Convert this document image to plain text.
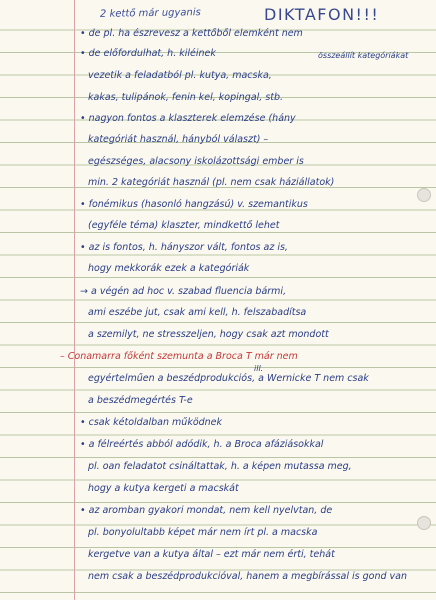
2 kettő már ugyanis	DIKTAFON!!!
• de pl. ha észrevesz a kettőből elemként nem
• de előfordulhat, h. kiléinek	összeállít kategóriákat
vezetik a feladatból pl. kutya, macska,
kakas, tulipánok, fenin kel, kopingal, stb.
• nagyon fontos a klaszterek elemzése (hány
kategóriát használ, hányból választ) –
egészséges, alacsony iskolázottsági ember is
min. 2 kategóriát használ (pl. nem csak háziállatok)
• fonémikus (hasonló hangzású) v. szemantikus
(egyféle téma) klaszter, mindkettő lehet
• az is fontos, h. hányszor vált, fontos az is,
hogy mekkorák ezek a kategóriák
→ a végén ad hoc v. szabad fluencia bármi,
ami eszébe jut, csak ami kell, h. felszabadítsa
a szemilyt, ne stresszeljen, hogy csak azt mondott
– Conamarra főként szemunta a Broca T már nem
ill.
egyértelműen a beszédprodukciós, a Wernicke T nem csak
a beszédmegértés T-e
• csak kétoldalban működnek
• a félreértés abból adódik, h. a Broca afáziásokkal
pl. oan feladatot csináltattak, h. a képen mutassa meg,
hogy a kutya kergeti a macskát
• az aromban gyakori mondat, nem kell nyelvtan, de
pl. bonyolultabb képet már nem írt pl. a macska
kergetve van a kutya által – ezt már nem érti, tehát
nem csak a beszédprodukcióval, hanem a megbírással is gond van
